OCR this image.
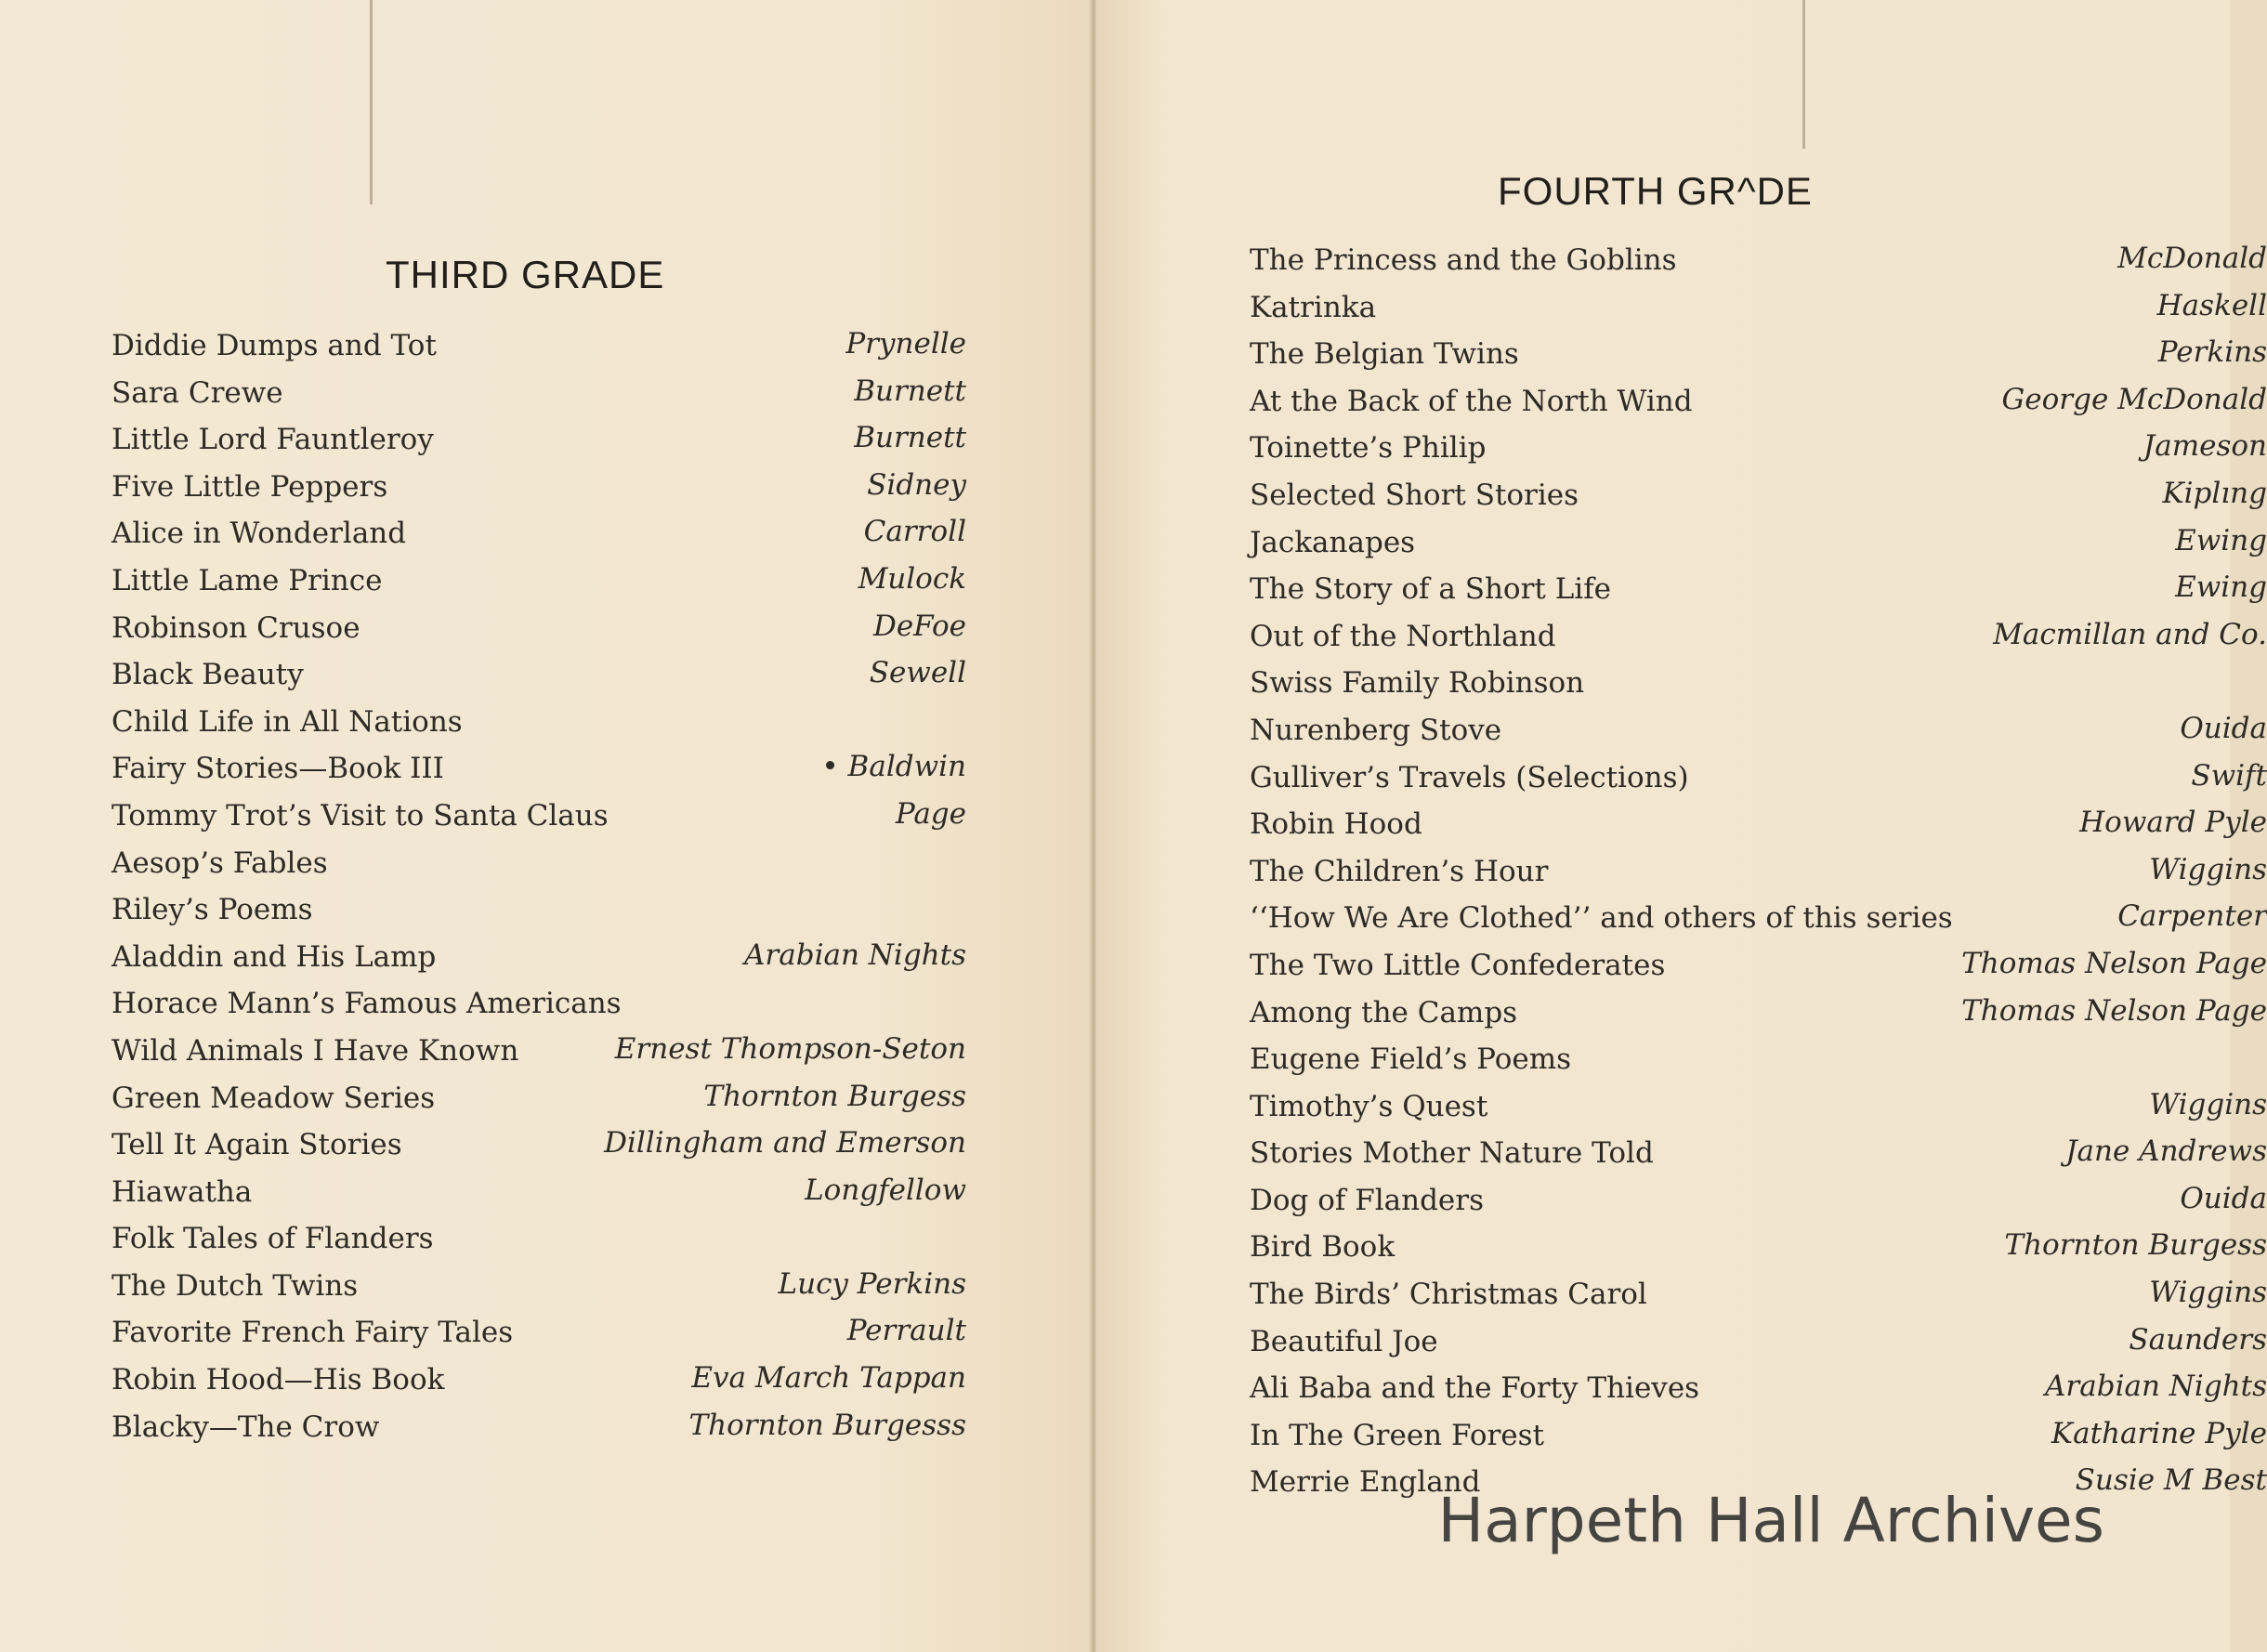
THIRD GRADE
Diddie Dumps and Tot	Prynelle
Sara Crewe	Burnett
Little Lord Fauntleroy	Burnett
Five Little Peppers	Sidney
Alice in Wonderland	Carroll
Little Lame Prince	Mulock
Robinson Crusoe	DeFoe
Black Beauty	Sewell
Child Life in All Nations
Fairy Stories—Book III	• Baldwin
Tommy Trot’s Visit to Santa Claus	Page
Aesop’s Fables
Riley’s Poems
Aladdin and His Lamp	Arabian Nights
Horace Mann’s Famous Americans
Wild Animals I Have Known	Ernest Thompson-Seton
Green Meadow Series	Thornton Burgess
Tell It Again Stories	Dillingham and Emerson
Hiawatha	Longfellow
Folk Tales of Flanders
The Dutch Twins	Lucy Perkins
Favorite French Fairy Tales	Perrault
Robin Hood—His Book	Eva March Tappan
Blacky—The Crow	Thornton Burgesss
FOURTH GR^DE
The Princess and the Goblins	McDonald
Katrinka	Haskell
The Belgian Twins	Perkins
At the Back of the North Wind	George McDonald
Toinette’s Philip	Jameson
Selected Short Stories	Kiplıng
Jackanapes	Ewing
The Story of a Short Life	Ewing
Out of the Northland	Macmillan and Co.
Swiss Family Robinson
Nurenberg Stove	Ouida
Gulliver’s Travels (Selections)	Swift
Robin Hood	Howard Pyle
The Children’s Hour	Wiggins
‘‘How We Are Clothed’’ and others of this series	Carpenter
The Two Little Confederates	Thomas Nelson Page
Among the Camps	Thomas Nelson Page
Eugene Field’s Poems
Timothy’s Quest	Wiggins
Stories Mother Nature Told	Jane Andrews
Dog of Flanders	Ouida
Bird Book	Thornton Burgess
The Birds’ Christmas Carol	Wiggins
Beautiful Joe	Saunders
Ali Baba and the Forty Thieves	Arabian Nights
In The Green Forest	Katharine Pyle
Merrie England	Susie M Best
Harpeth Hall Archives
